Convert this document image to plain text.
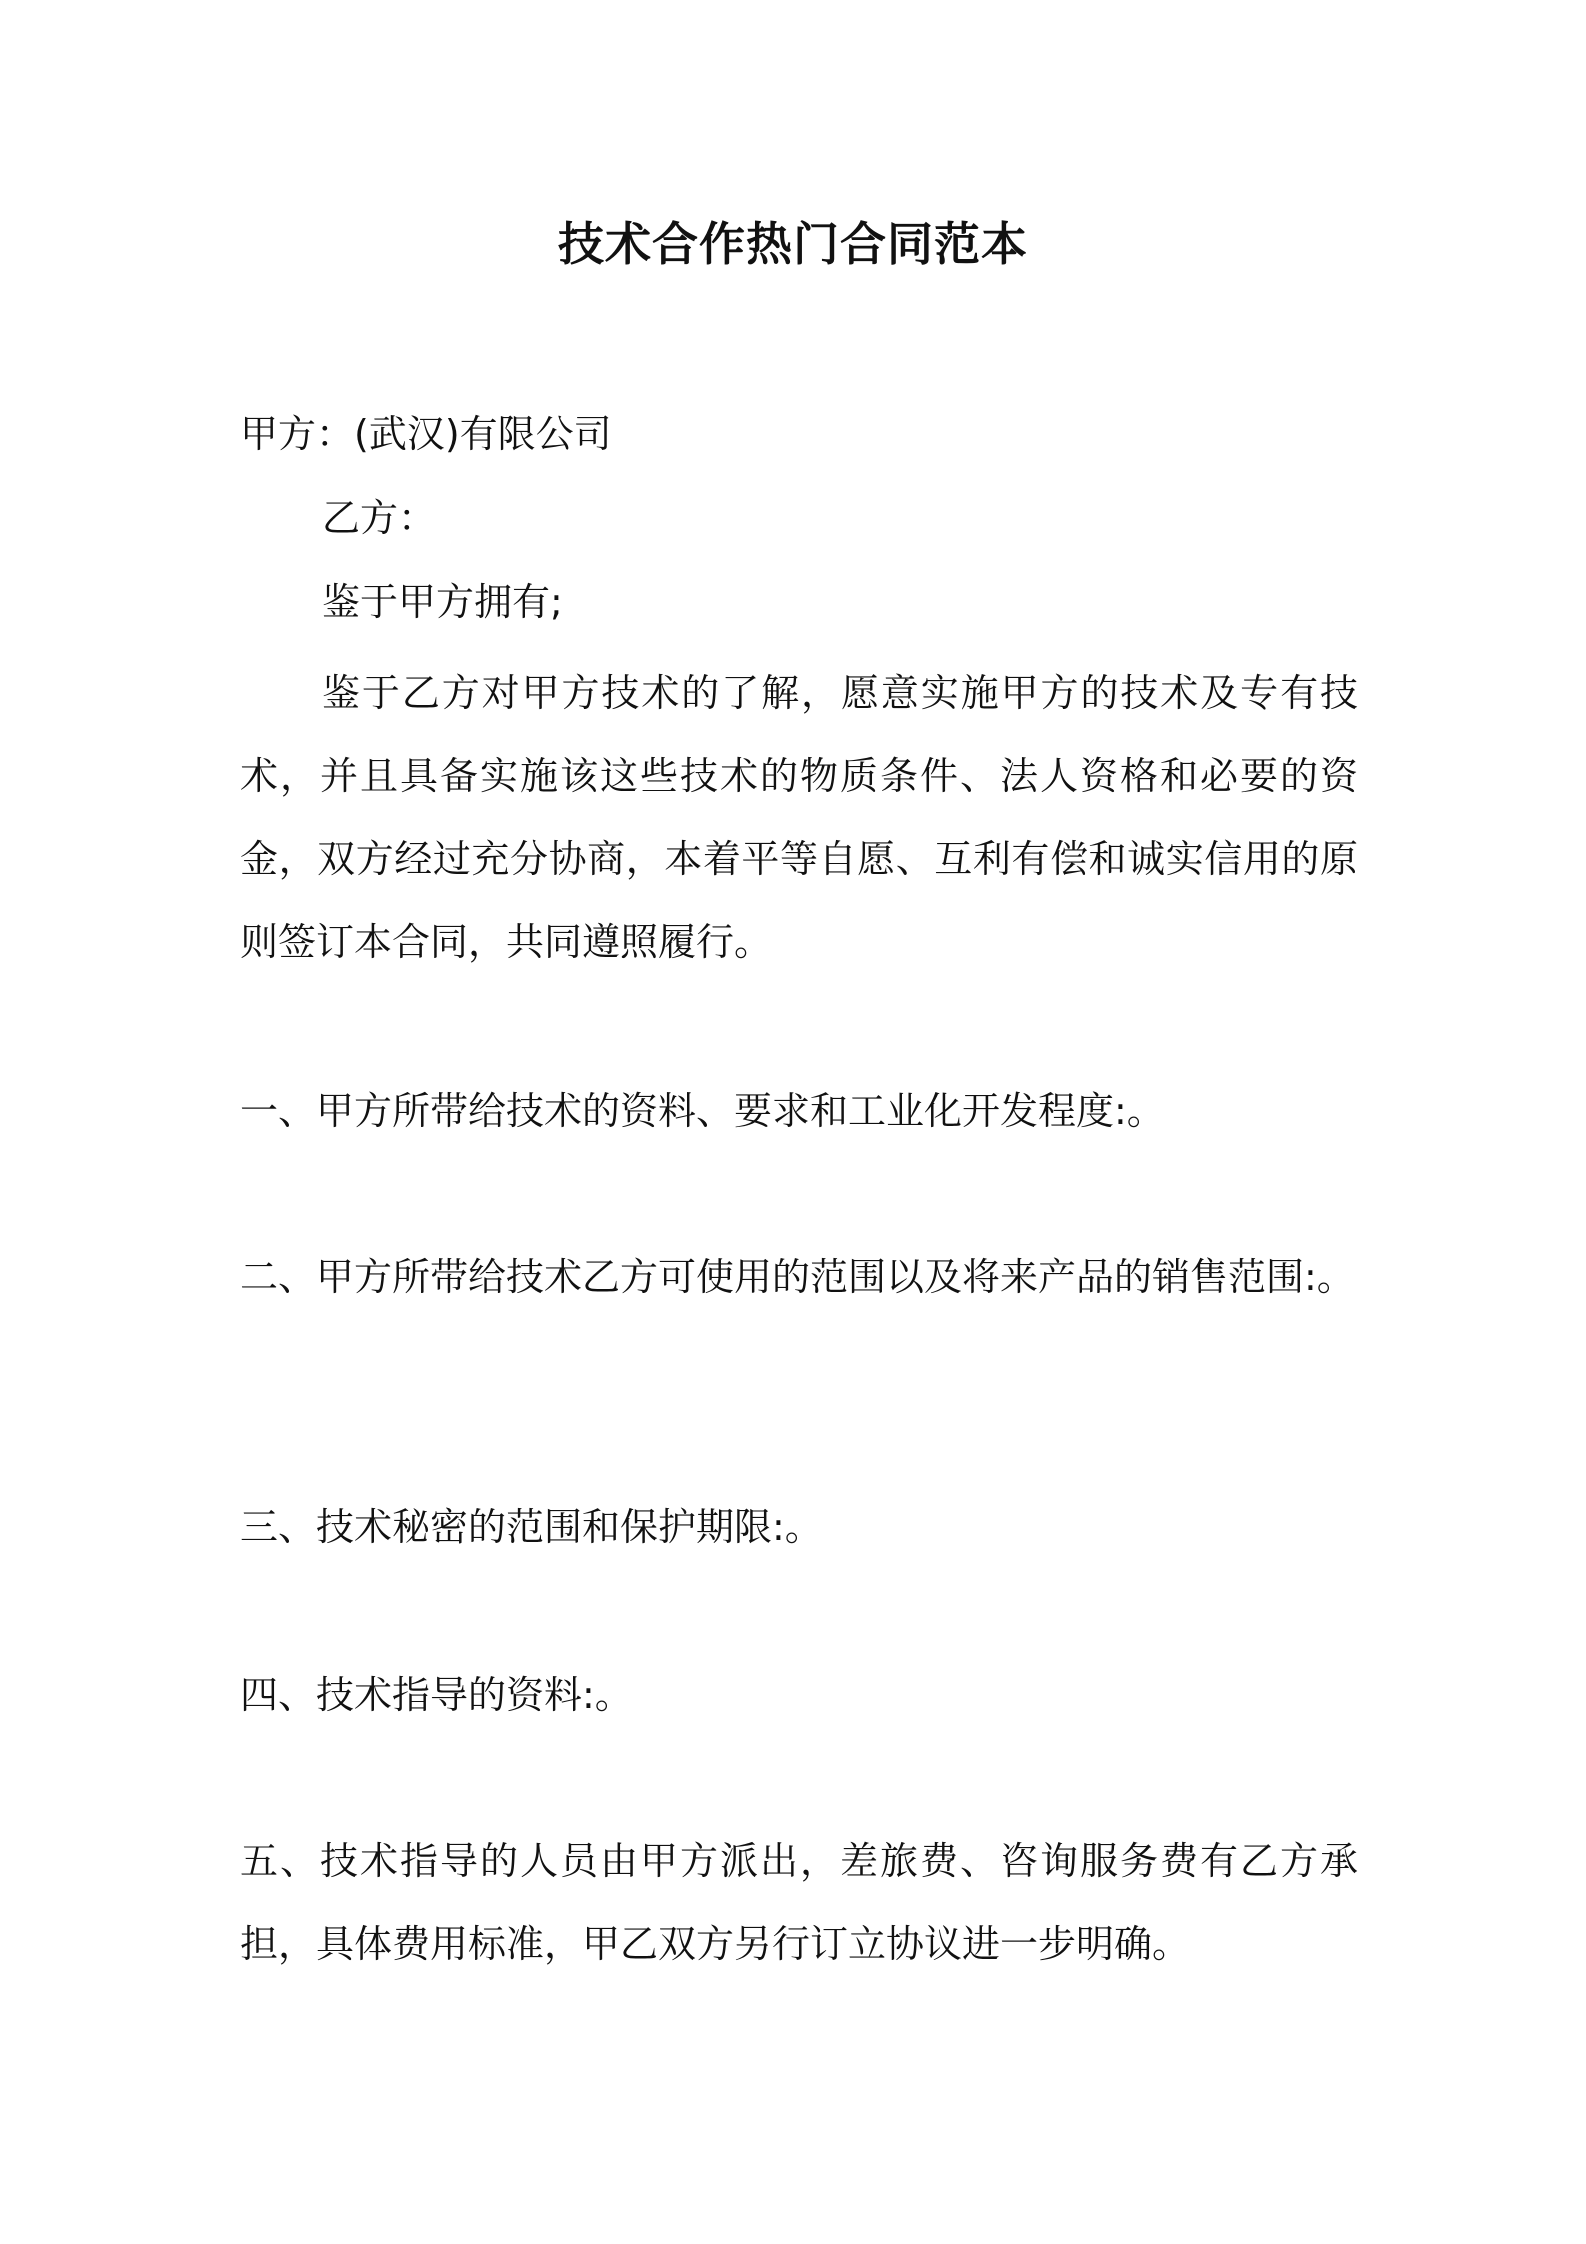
技术合作热门合同范本

甲方：(武汉)有限公司

乙方：

鉴于甲方拥有;

鉴于乙方对甲方技术的了解，愿意实施甲方的技术及专有技术，并且具备实施该这些技术的物质条件、法人资格和必要的资金，双方经过充分协商，本着平等自愿、互利有偿和诚实信用的原则签订本合同，共同遵照履行。

一、甲方所带给技术的资料、要求和工业化开发程度:。

二、甲方所带给技术乙方可使用的范围以及将来产品的销售范围:。

三、技术秘密的范围和保护期限:。

四、技术指导的资料:。

五、技术指导的人员由甲方派出，差旅费、咨询服务费有乙方承担，具体费用标准，甲乙双方另行订立协议进一步明确。
